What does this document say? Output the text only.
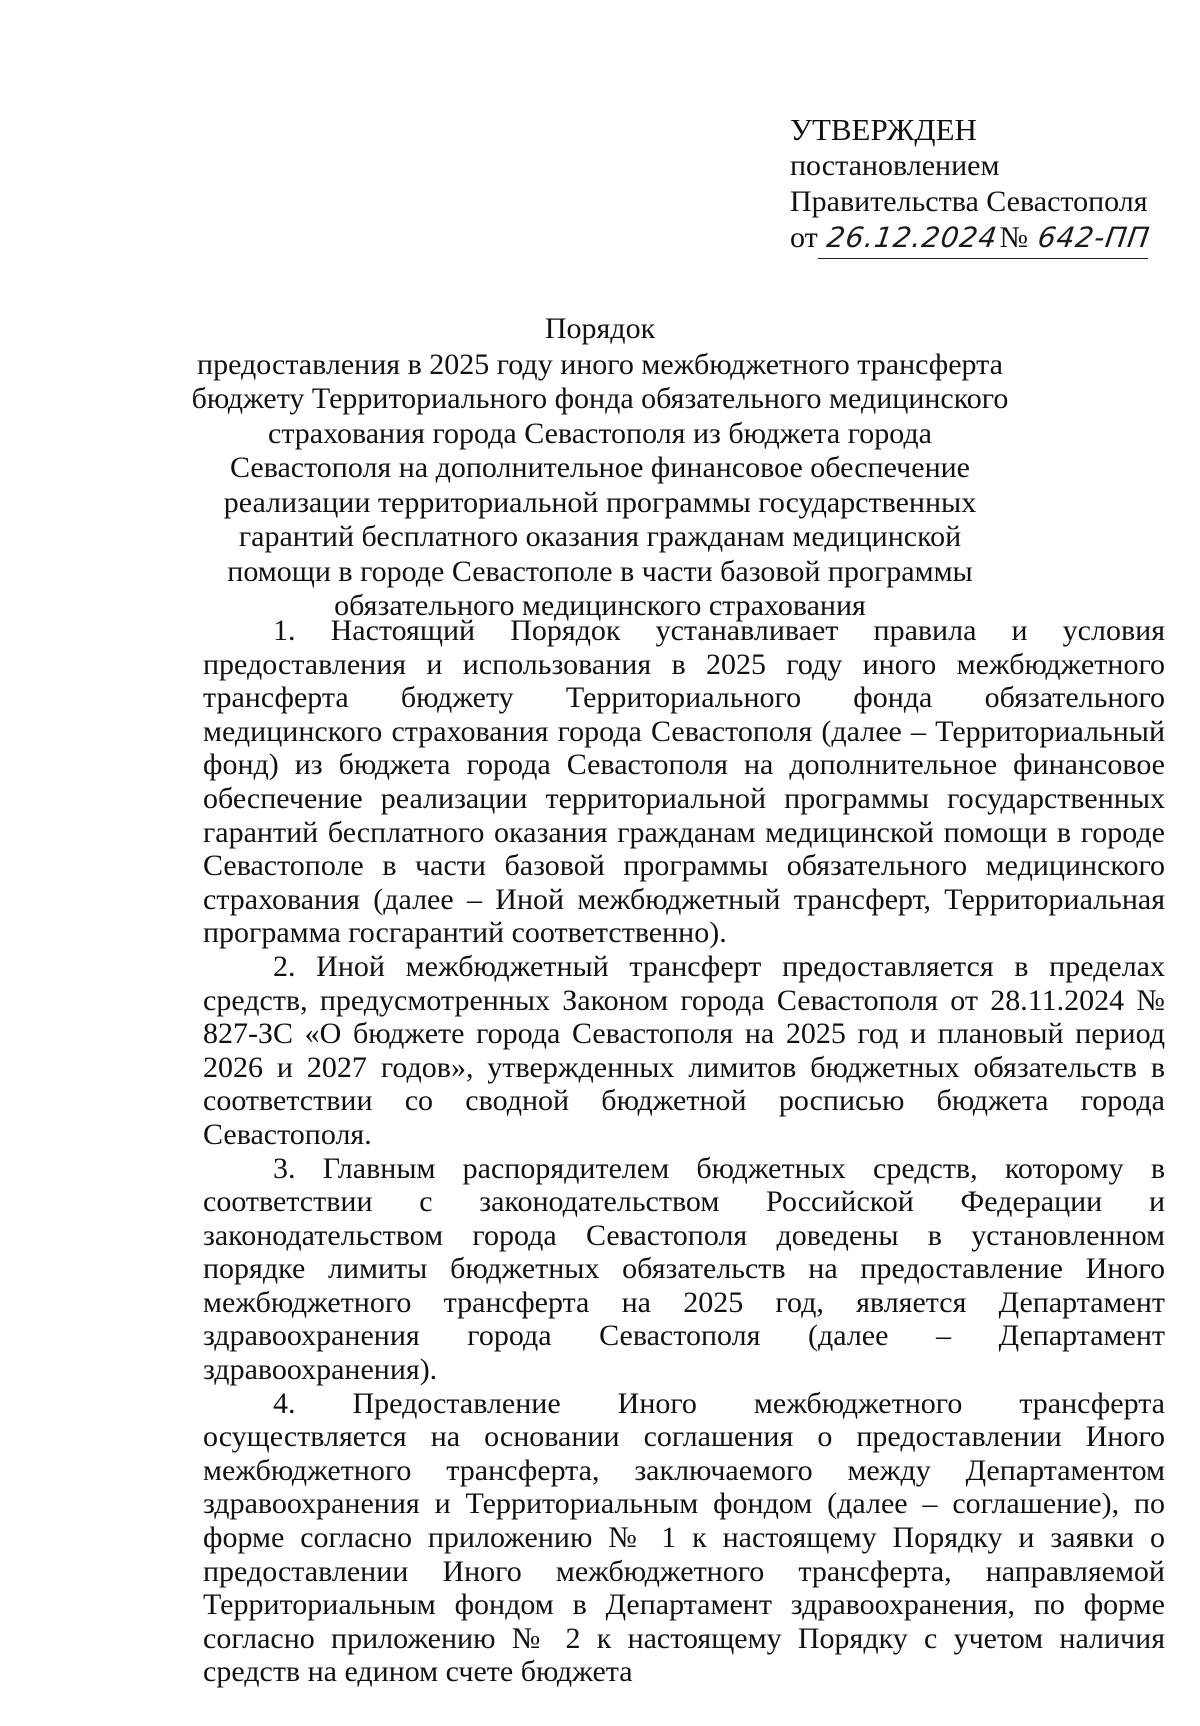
УТВЕРЖДЕН
постановлением
Правительства Севастополя
от 26.12.2024№ 642-ПП
Порядок
предоставления в 2025 году иного межбюджетного трансферта бюджету Территориального фонда обязательного медицинского страхования города Севастополя из бюджета города Севастополя на дополнительное финансовое обеспечение реализации территориальной программы государственных гарантий бесплатного оказания гражданам медицинской помощи в городе Севастополе в части базовой программы обязательного медицинского страхования

1. Настоящий Порядок устанавливает правила и условия предоставления и использования в 2025 году иного межбюджетного трансферта бюджету Территориального фонда обязательного медицинского страхования города Севастополя (далее – Территориальный фонд) из бюджета города Севастополя на дополнительное финансовое обеспечение реализации территориальной программы государственных гарантий бесплатного оказания гражданам медицинской помощи в городе Севастополе в части базовой программы обязательного медицинского страхования (далее – Иной межбюджетный трансферт, Территориальная программа госгарантий соответственно).

2. Иной межбюджетный трансферт предоставляется в пределах средств, предусмотренных Законом города Севастополя от 28.11.2024 № 827-ЗС «О бюджете города Севастополя на 2025 год и плановый период 2026 и 2027 годов», утвержденных лимитов бюджетных обязательств в соответствии со сводной бюджетной росписью бюджета города Севастополя.

3. Главным распорядителем бюджетных средств, которому в соответствии с законодательством Российской Федерации и законодательством города Севастополя доведены в установленном порядке лимиты бюджетных обязательств на предоставление Иного межбюджетного трансферта на 2025 год, является Департамент здравоохранения города Севастополя (далее – Департамент здравоохранения).

4. Предоставление Иного межбюджетного трансферта осуществляется на основании соглашения о предоставлении Иного межбюджетного трансферта, заключаемого между Департаментом здравоохранения и Территориальным фондом (далее – соглашение), по форме согласно приложению № 1 к настоящему Порядку и заявки о предоставлении Иного межбюджетного трансферта, направляемой Территориальным фондом в Департамент здравоохранения, по форме согласно приложению № 2 к настоящему Порядку с учетом наличия средств на едином счете бюджета
